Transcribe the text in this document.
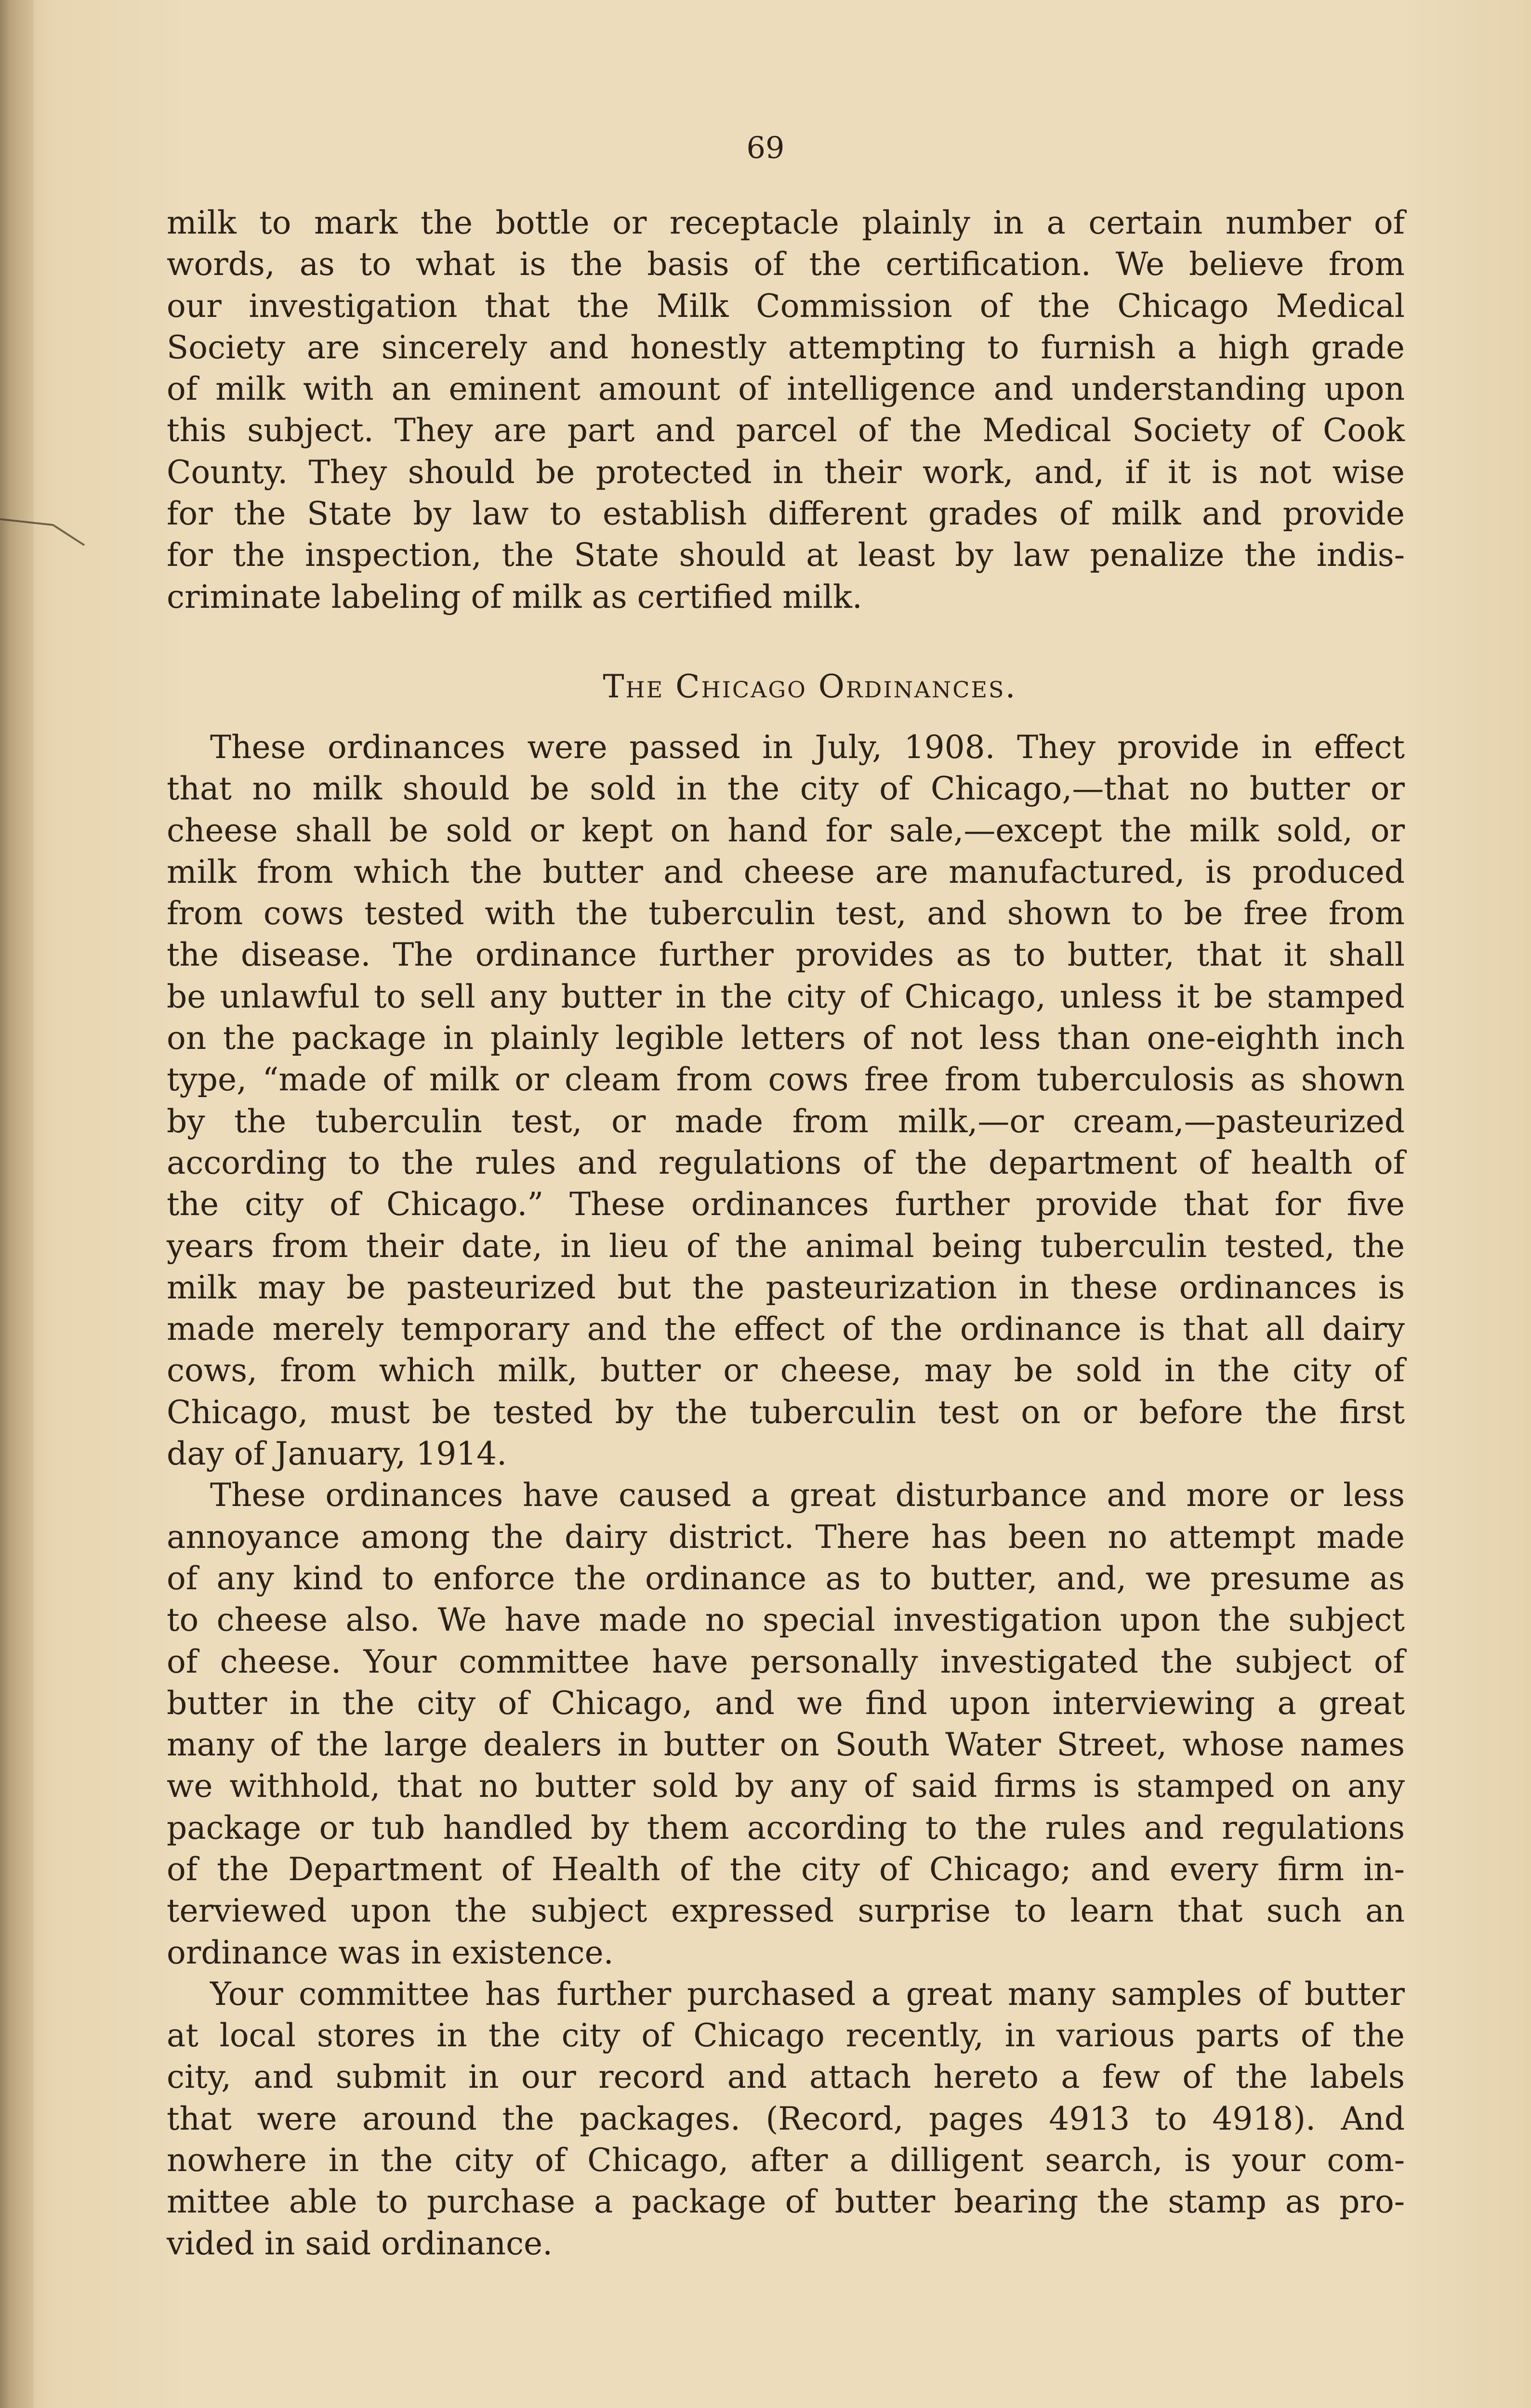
69
milk to mark the bottle or receptacle plainly in a certain number of
words, as to what is the basis of the certification. We believe from
our investigation that the Milk Commission of the Chicago Medical
Society are sincerely and honestly attempting to furnish a high grade
of milk with an eminent amount of intelligence and understanding upon
this subject. They are part and parcel of the Medical Society of Cook
County. They should be protected in their work, and, if it is not wise
for the State by law to establish different grades of milk and provide
for the inspection, the State should at least by law penalize the indis-
criminate labeling of milk as certified milk.
The Chicago Ordinances.
These ordinances were passed in July, 1908. They provide in effect
that no milk should be sold in the city of Chicago,—that no butter or
cheese shall be sold or kept on hand for sale,—except the milk sold, or
milk from which the butter and cheese are manufactured, is produced
from cows tested with the tuberculin test, and shown to be free from
the disease. The ordinance further provides as to butter, that it shall
be unlawful to sell any butter in the city of Chicago, unless it be stamped
on the package in plainly legible letters of not less than one-eighth inch
type, “made of milk or cleam from cows free from tuberculosis as shown
by the tuberculin test, or made from milk,—or cream,—pasteurized
according to the rules and regulations of the department of health of
the city of Chicago.” These ordinances further provide that for five
years from their date, in lieu of the animal being tuberculin tested, the
milk may be pasteurized but the pasteurization in these ordinances is
made merely temporary and the effect of the ordinance is that all dairy
cows, from which milk, butter or cheese, may be sold in the city of
Chicago, must be tested by the tuberculin test on or before the first
day of January, 1914.
These ordinances have caused a great disturbance and more or less
annoyance among the dairy district. There has been no attempt made
of any kind to enforce the ordinance as to butter, and, we presume as
to cheese also. We have made no special investigation upon the subject
of cheese. Your committee have personally investigated the subject of
butter in the city of Chicago, and we find upon interviewing a great
many of the large dealers in butter on South Water Street, whose names
we withhold, that no butter sold by any of said firms is stamped on any
package or tub handled by them according to the rules and regulations
of the Department of Health of the city of Chicago; and every firm in-
terviewed upon the subject expressed surprise to learn that such an
ordinance was in existence.
Your committee has further purchased a great many samples of butter
at local stores in the city of Chicago recently, in various parts of the
city, and submit in our record and attach hereto a few of the labels
that were around the packages. (Record, pages 4913 to 4918). And
nowhere in the city of Chicago, after a dilligent search, is your com-
mittee able to purchase a package of butter bearing the stamp as pro-
vided in said ordinance.
